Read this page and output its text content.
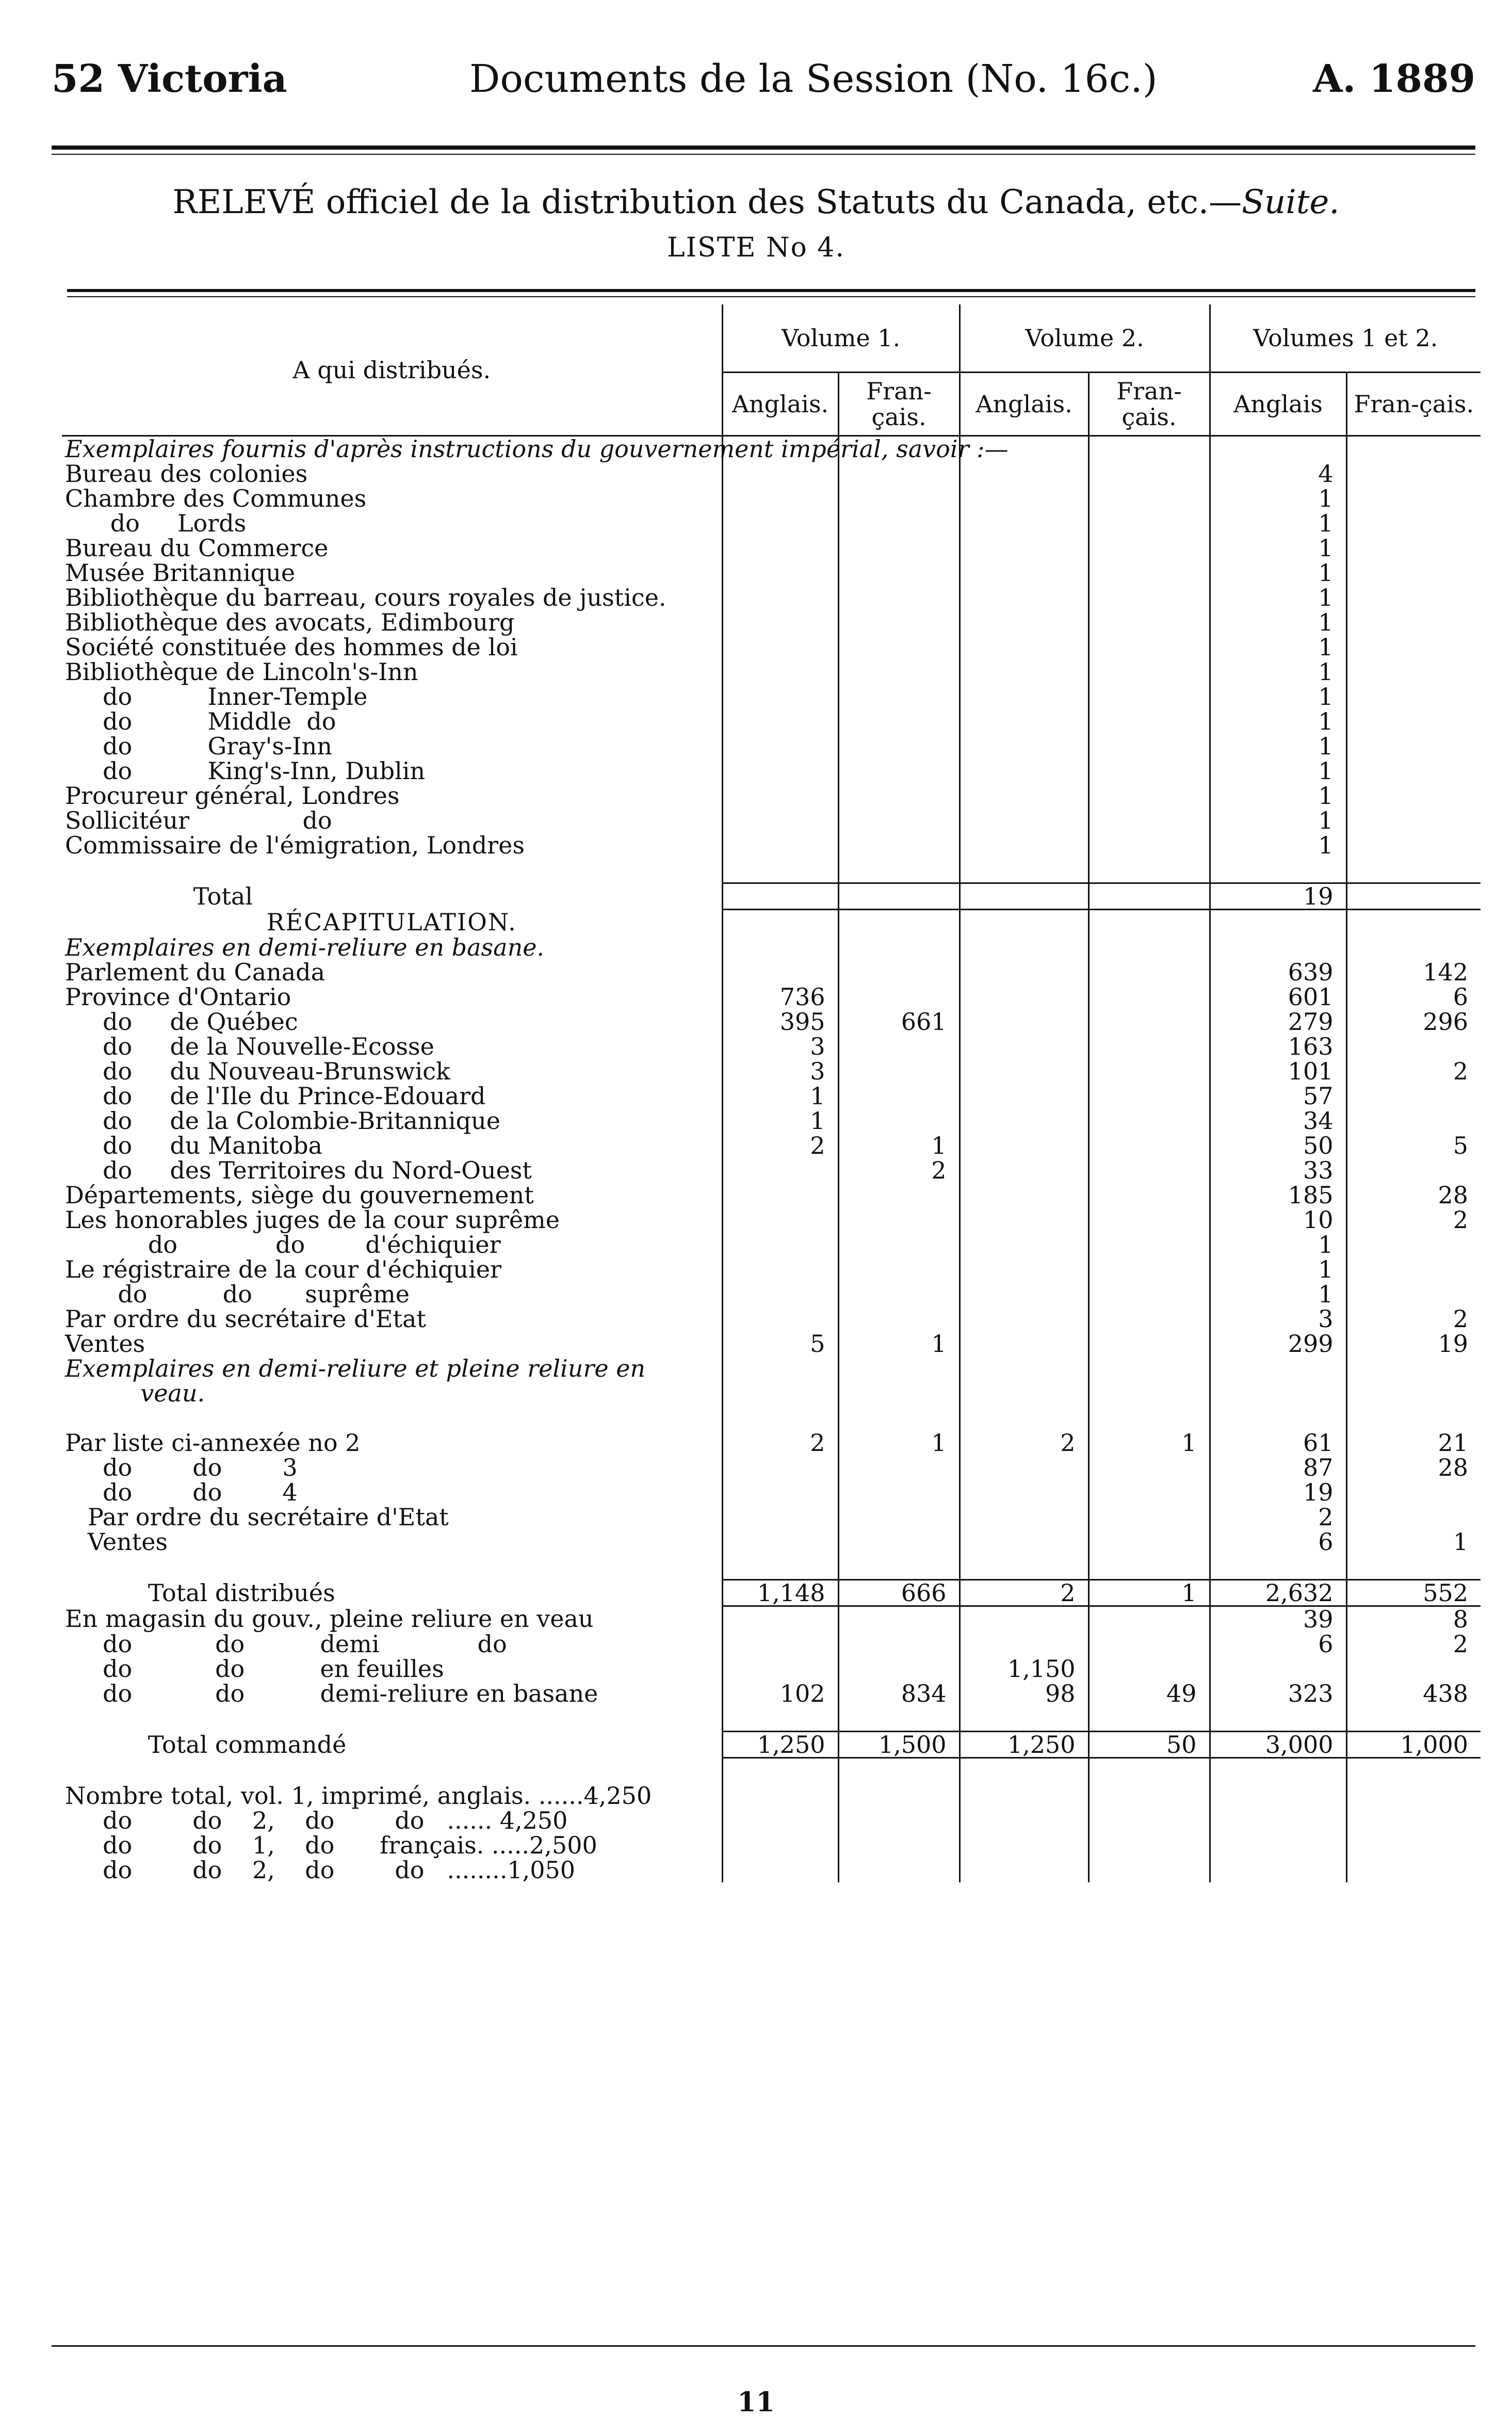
52 Victoria	Documents de la Session (No. 16c.)	A. 1889
RELEVÉ officiel de la distribution des Statuts du Canada, etc.—Suite.
LISTE No 4.
A qui distribués.	Volume 1.		Volume 2.		Volumes 1 et 2.	
	Anglais.	Fran-çais.	Anglais.	Fran-çais.	Anglais	Fran-çais.
Exemplaires fournis d'après instructions du gouvernement impérial, savoir :—						
Bureau des colonies					4	
Chambre des Communes					1	
do     Lords					1	
Bureau du Commerce					1	
Musée Britannique					1	
Bibliothèque du barreau, cours royales de justice.					1	
Bibliothèque des avocats, Edimbourg					1	
Société constituée des hommes de loi					1	
Bibliothèque de Lincoln's-Inn					1	
do          Inner-Temple					1	
do          Middle  do					1	
do          Gray's-Inn					1	
do          King's-Inn, Dublin					1	
Procureur général, Londres					1	
Sollicitéur               do					1	
Commissaire de l'émigration, Londres					1	

Total					19	
RÉCAPITULATION.						
Exemplaires en demi-reliure en basane.						
Parlement du Canada					639	142
Province d'Ontario	736				601	6
do     de Québec	395	661			279	296
do     de la Nouvelle-Ecosse	3				163	
do     du Nouveau-Brunswick	3				101	2
do     de l'Ile du Prince-Edouard	1				57	
do     de la Colombie-Britannique	1				34	
do     du Manitoba	2	1			50	5
do     des Territoires du Nord-Ouest		2			33	
Départements, siège du gouvernement					185	28
Les honorables juges de la cour suprême					10	2
do             do        d'échiquier					1	
Le régistraire de la cour d'échiquier					1	
do          do       suprême					1	
Par ordre du secrétaire d'Etat					3	2
Ventes	5	1			299	19
Exemplaires en demi-reliure et pleine reliure en						
veau.						

Par liste ci-annexée no 2	2	1	2	1	61	21
do        do        3					87	28
do        do        4					19	
Par ordre du secrétaire d'Etat					2	
Ventes					6	1

Total distribués	1,148	666	2	1	2,632	552
En magasin du gouv., pleine reliure en veau					39	8
do           do          demi             do					6	2
do           do          en feuilles			1,150			
do           do          demi-reliure en basane	102	834	98	49	323	438

Total commandé	1,250	1,500	1,250	50	3,000	1,000

Nombre total, vol. 1, imprimé, anglais. ......4,250						
do        do    2,    do        do   ...... 4,250						
do        do    1,    do      français. .....2,500						
do        do    2,    do        do   ........1,050						
11
